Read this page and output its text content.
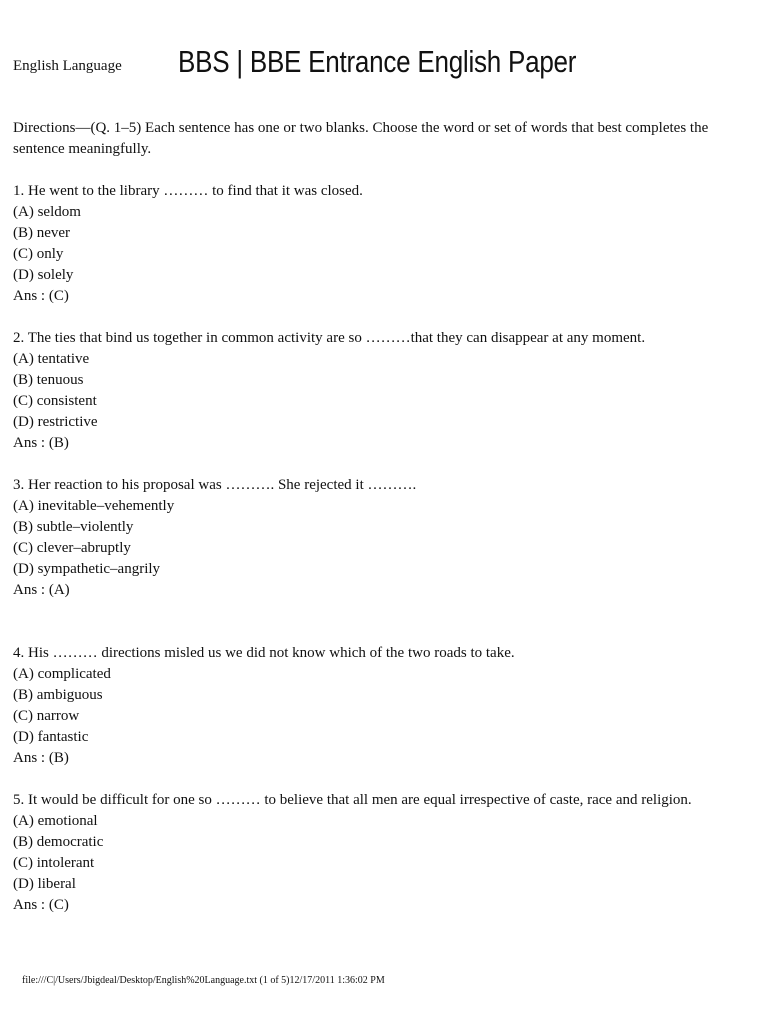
English Language BBS | BBE Entrance English Paper

Directions—(Q. 1–5) Each sentence has one or two blanks. Choose the word or set of words that best completes the sentence meaningfully.

1. He went to the library ……… to find that it was closed.
(A) seldom
(B) never
(C) only
(D) solely
Ans : (C)
2. The ties that bind us together in common activity are so ………that they can disappear at any moment.
(A) tentative
(B) tenuous
(C) consistent
(D) restrictive
Ans : (B)
3. Her reaction to his proposal was ………. She rejected it ……….
(A) inevitable–vehemently
(B) subtle–violently
(C) clever–abruptly
(D) sympathetic–angrily
Ans : (A)
4. His ……… directions misled us we did not know which of the two roads to take.
(A) complicated
(B) ambiguous
(C) narrow
(D) fantastic
Ans : (B)
5. It would be difficult for one so ……… to believe that all men are equal irrespective of caste, race and religion.
(A) emotional
(B) democratic
(C) intolerant
(D) liberal
Ans : (C)
file:///C|/Users/Jbigdeal/Desktop/English%20Language.txt (1 of 5)12/17/2011 1:36:02 PM
